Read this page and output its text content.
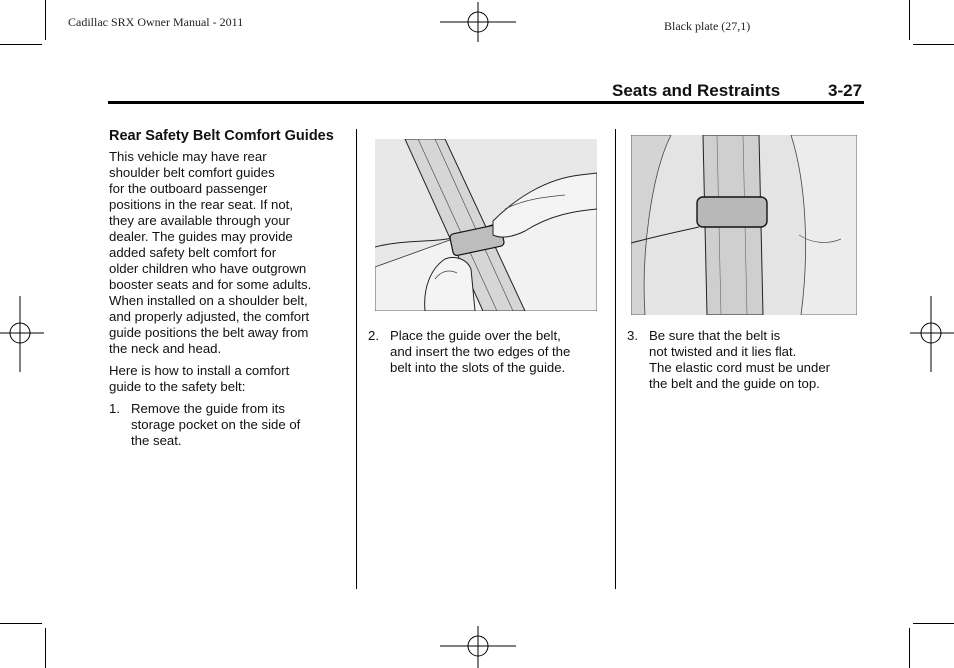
Cadillac SRX Owner Manual - 2011	Black plate (27,1)
Seats and Restraints	3-27
Rear Safety Belt Comfort Guides

This vehicle may have rear
shoulder belt comfort guides
for the outboard passenger
positions in the rear seat. If not,
they are available through your
dealer. The guides may provide
added safety belt comfort for
older children who have outgrown
booster seats and for some adults.
When installed on a shoulder belt,
and properly adjusted, the comfort
guide positions the belt away from
the neck and head.

Here is how to install a comfort
guide to the safety belt:

1. Remove the guide from its
storage pocket on the side of
the seat.
2. Place the guide over the belt,
and insert the two edges of the
belt into the slots of the guide.
3. Be sure that the belt is
not twisted and it lies flat.
The elastic cord must be under
the belt and the guide on top.
